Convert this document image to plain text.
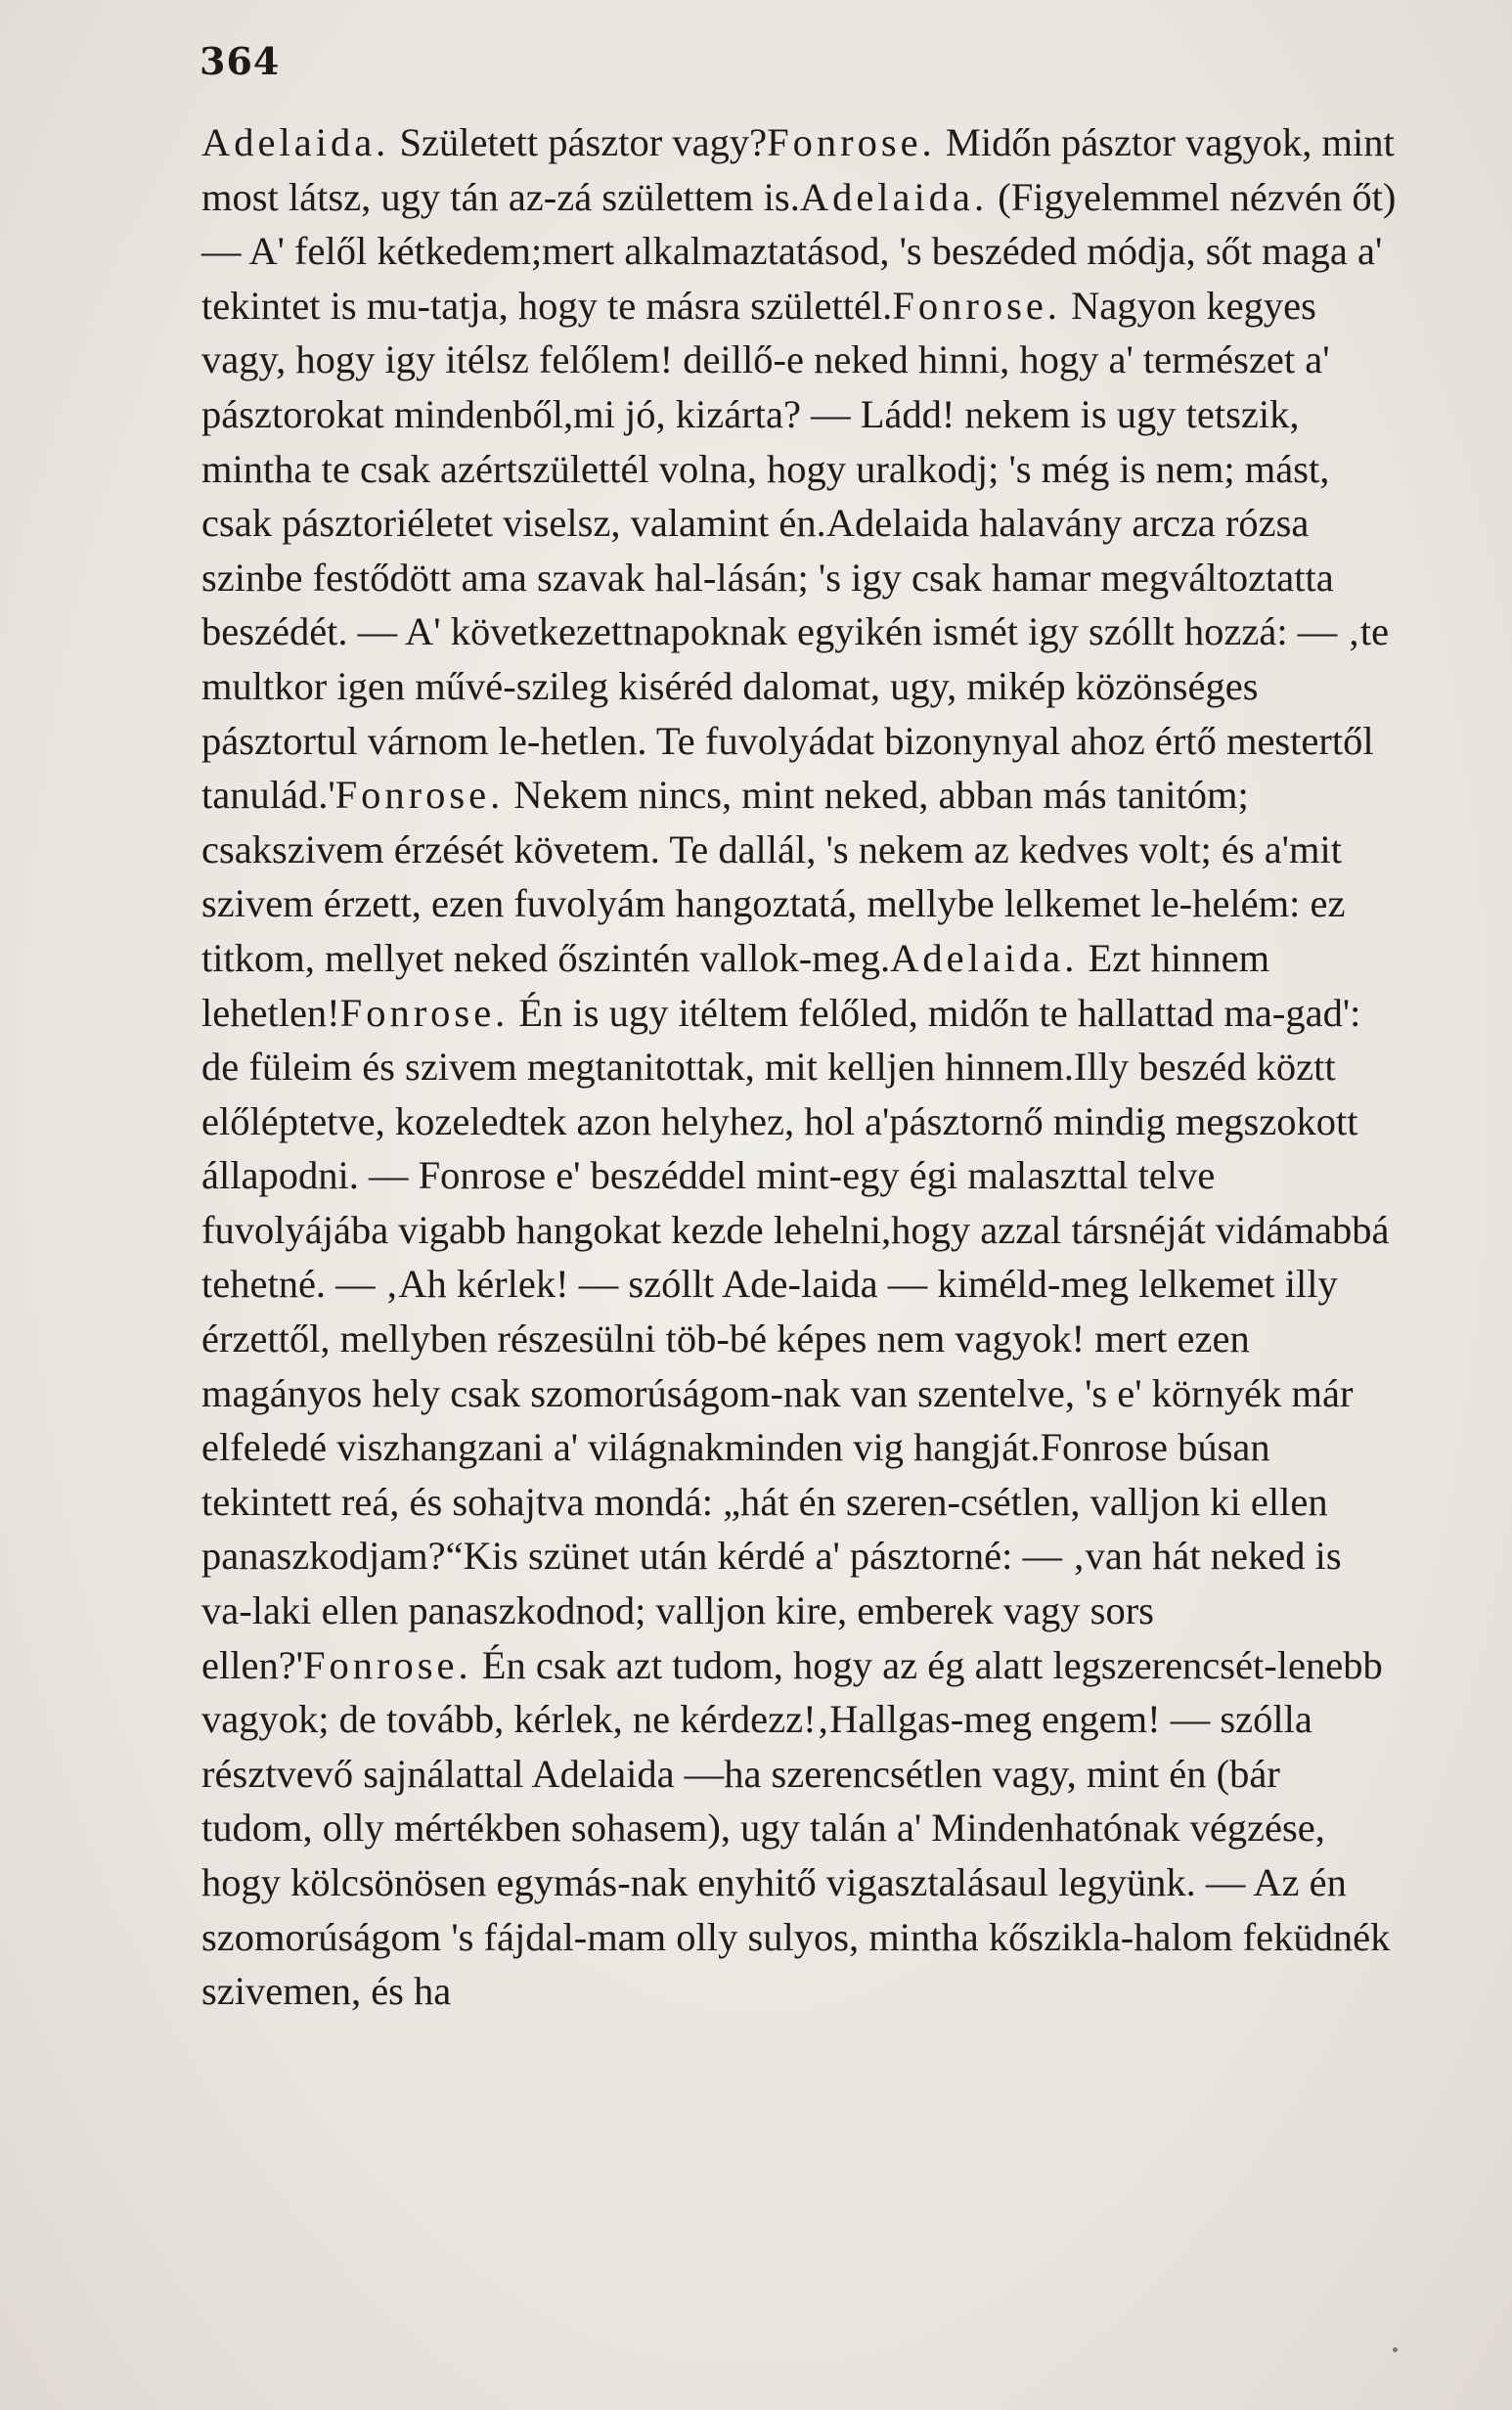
364
Adelaida. Született pásztor vagy?Fonrose. Midőn pásztor vagyok, mint most látsz, ugy tán az-zá születtem is.Adelaida. (Figyelemmel nézvén őt) — A' felől kétkedem;mert alkalmaztatásod, 's beszéded módja, sőt maga a' tekintet is mu-tatja, hogy te másra születtél.Fonrose. Nagyon kegyes vagy, hogy igy itélsz felőlem! deillő-e neked hinni, hogy a' természet a' pásztorokat mindenből,mi jó, kizárta? — Ládd! nekem is ugy tetszik, mintha te csak azértszülettél volna, hogy uralkodj; 's még is nem; mást, csak pásztoriéletet viselsz, valamint én.Adelaida halavány arcza rózsa szinbe festődött ama szavak hal-lásán; 's igy csak hamar megváltoztatta beszédét. — A' következettnapoknak egyikén ismét igy szóllt hozzá: — ‚te multkor igen művé-szileg kiséréd dalomat, ugy, mikép közönséges pásztortul várnom le-hetlen. Te fuvolyádat bizonynyal ahoz értő mestertől tanulád.'Fonrose. Nekem nincs, mint neked, abban más tanitóm; csakszivem érzését követem. Te dallál, 's nekem az kedves volt; és a'mit szivem érzett, ezen fuvolyám hangoztatá, mellybe lelkemet le-helém: ez titkom, mellyet neked őszintén vallok-meg.Adelaida. Ezt hinnem lehetlen!Fonrose. Én is ugy itéltem felőled, midőn te hallattad ma-gad': de füleim és szivem megtanitottak, mit kelljen hinnem.Illy beszéd köztt előléptetve, kozeledtek azon helyhez, hol a'pásztornő mindig megszokott állapodni. — Fonrose e' beszéddel mint-egy égi malaszttal telve fuvolyájába vigabb hangokat kezde lehelni,hogy azzal társnéját vidámabbá tehetné. — ‚Ah kérlek! — szóllt Ade-laida — kiméld-meg lelkemet illy érzettől, mellyben részesülni töb-bé képes nem vagyok! mert ezen magányos hely csak szomorúságom-nak van szentelve, 's e' környék már elfeledé viszhangzani a' világnakminden vig hangját.Fonrose búsan tekintett reá, és sohajtva mondá: „hát én szeren-csétlen, valljon ki ellen panaszkodjam?“Kis szünet után kérdé a' pásztorné: — ‚van hát neked is va-laki ellen panaszkodnod; valljon kire, emberek vagy sors ellen?'Fonrose. Én csak azt tudom, hogy az ég alatt legszerencsét-lenebb vagyok; de tovább, kérlek, ne kérdezz!‚Hallgas-meg engem! — szólla résztvevő sajnálattal Adelaida —ha szerencsétlen vagy, mint én (bár tudom, olly mértékben sohasem), ugy talán a' Mindenhatónak végzése, hogy kölcsönösen egymás-nak enyhitő vigasztalásaul legyünk. — Az én szomorúságom 's fájdal-mam olly sulyos, mintha kőszikla-halom feküdnék szivemen, és ha
